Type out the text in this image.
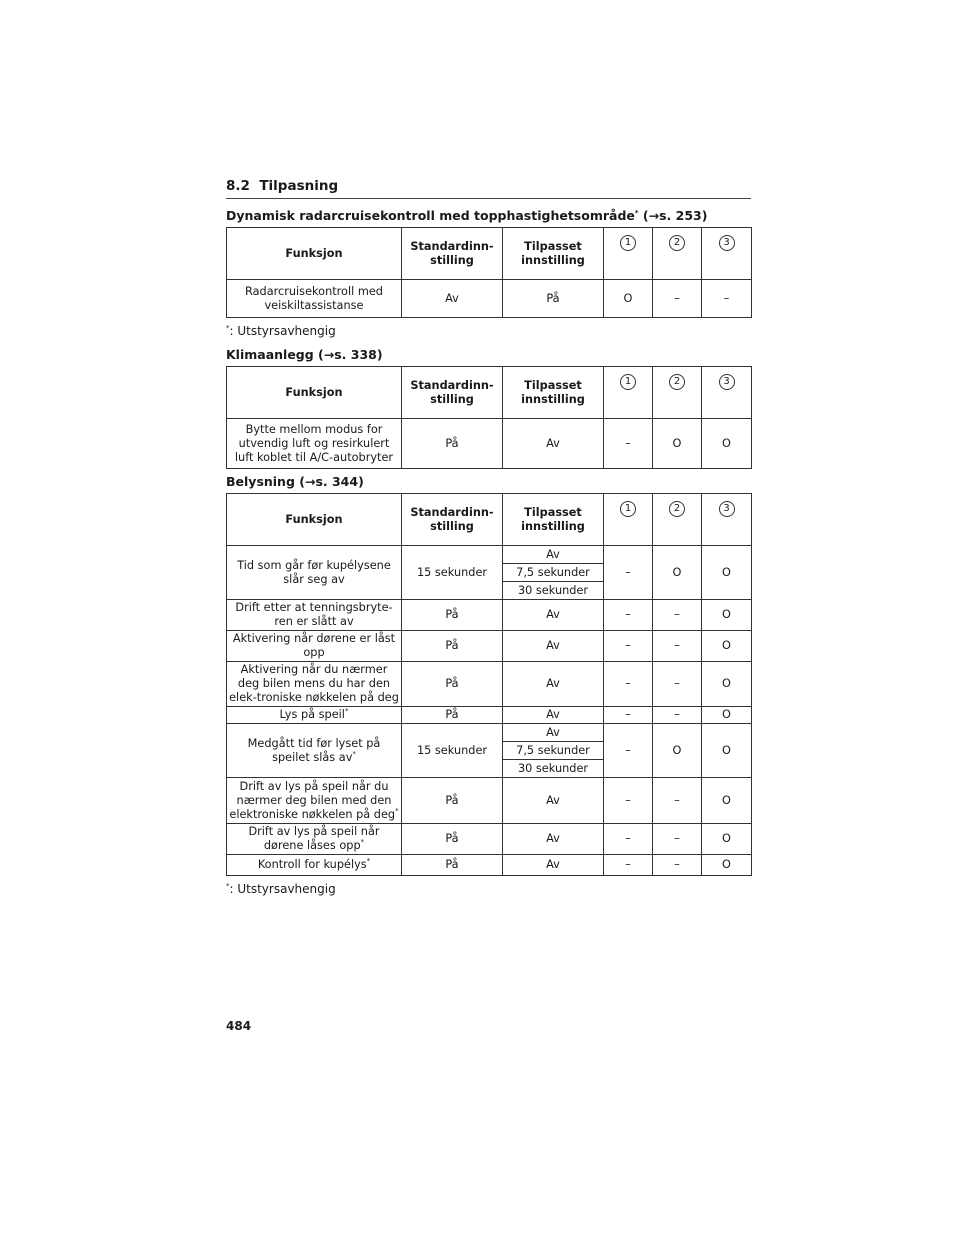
8.2 Tilpasning
Dynamisk radarcruisekontroll med topphastighetsområde* (→s. 253)
Funksjon	Standardinn-stilling	Tilpasset innstilling	1	2	3
Radarcruisekontroll med veiskiltassistanse	Av	På	O	–	–
*: Utstyrsavhengig
Klimaanlegg (→s. 338)
Funksjon	Standardinn-stilling	Tilpasset innstilling	1	2	3
Bytte mellom modus for utvendig luft og resirkulert luft koblet til A/C-autobryter	På	Av	–	O	O
Belysning (→s. 344)
Funksjon	Standardinn-stilling	Tilpasset innstilling	1	2	3
Tid som går før kupélysene slår seg av	15 sekunder	Av	–	O	O
		7,5 sekunder			
		30 sekunder			
Drift etter at tenningsbryte-ren er slått av	På	Av	–	–	O
Aktivering når dørene er låst opp	På	Av	–	–	O
Aktivering når du nærmer deg bilen mens du har den elek-troniske nøkkelen på deg	På	Av	–	–	O
Lys på speil*	På	Av	–	–	O
Medgått tid før lyset på speilet slås av*	15 sekunder	Av	–	O	O
		7,5 sekunder			
		30 sekunder			
Drift av lys på speil når du nærmer deg bilen med den elektroniske nøkkelen på deg*	På	Av	–	–	O
Drift av lys på speil når dørene låses opp*	På	Av	–	–	O
Kontroll for kupélys*	På	Av	–	–	O
*: Utstyrsavhengig
484
